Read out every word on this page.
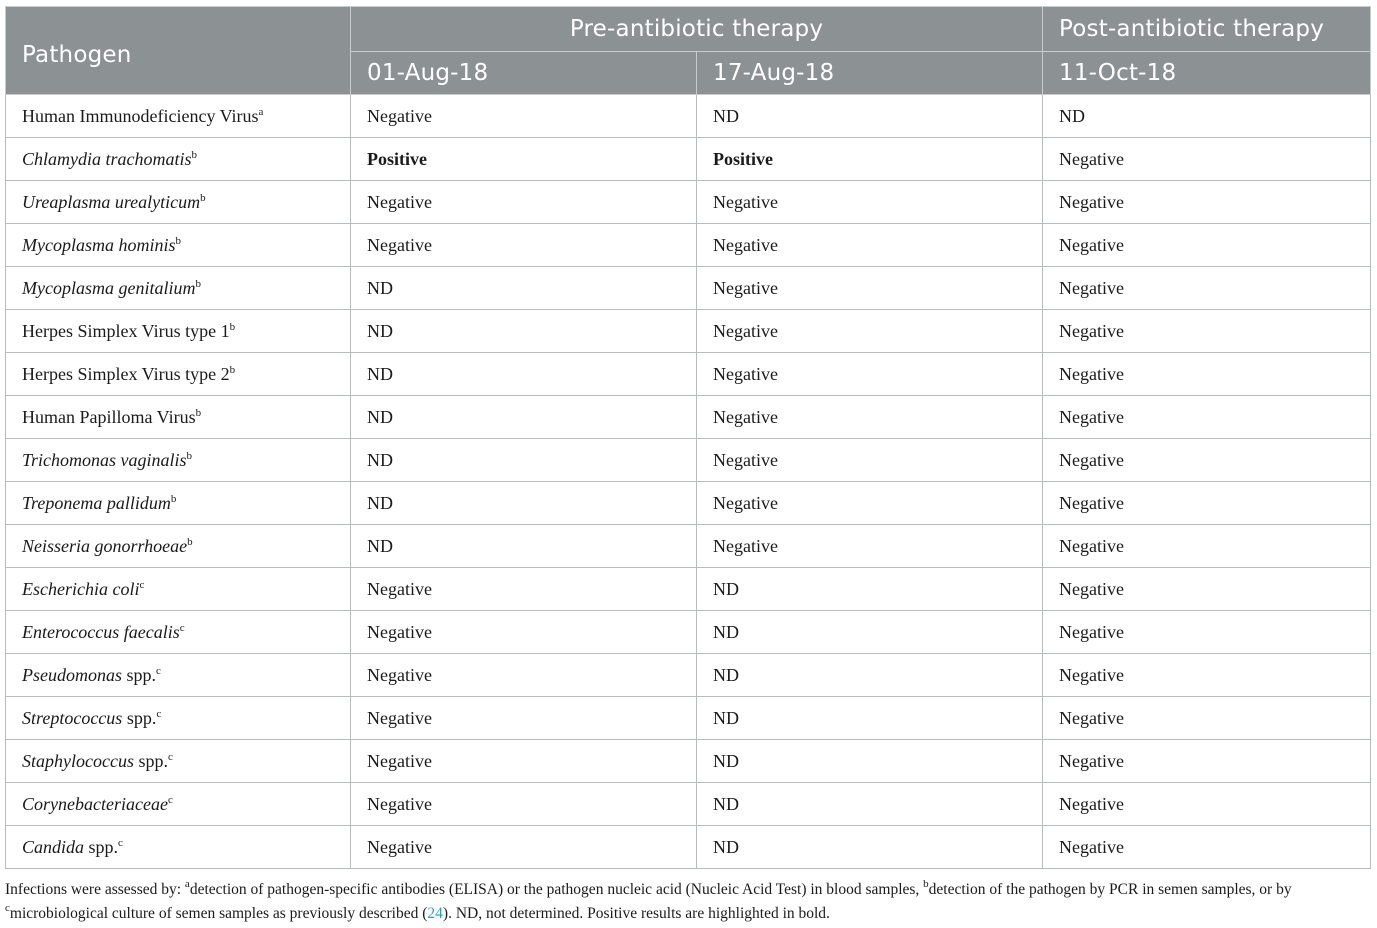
Pathogen	Pre-antibiotic therapy		Post-antibiotic therapy
	01-Aug-18	17-Aug-18	11-Oct-18
Human Immunodeficiency Virus$^a$	Negative	ND	ND
Chlamydia trachomatis$^b$	Positive	Positive	Negative
Ureaplasma urealyticum$^b$	Negative	Negative	Negative
Mycoplasma hominis$^b$	Negative	Negative	Negative
Mycoplasma genitalium$^b$	ND	Negative	Negative
Herpes Simplex Virus type 1$^b$	ND	Negative	Negative
Herpes Simplex Virus type 2$^b$	ND	Negative	Negative
Human Papilloma Virus$^b$	ND	Negative	Negative
Trichomonas vaginalis$^b$	ND	Negative	Negative
Treponema pallidum$^b$	ND	Negative	Negative
Neisseria gonorrhoeae$^b$	ND	Negative	Negative
Escherichia coli$^c$	Negative	ND	Negative
Enterococcus faecalis$^c$	Negative	ND	Negative
Pseudomonas spp.$^c$	Negative	ND	Negative
Streptococcus spp.$^c$	Negative	ND	Negative
Staphylococcus spp.$^c$	Negative	ND	Negative
Corynebacteriaceae$^c$	Negative	ND	Negative
Candida spp.$^c$	Negative	ND	Negative
Infections were assessed by: $^a$detection of pathogen-specific antibodies (ELISA) or the pathogen nucleic acid (Nucleic Acid Test) in blood samples, $^b$detection of the pathogen by PCR in semen samples, or by $^c$microbiological culture of semen samples as previously described (24). ND, not determined. Positive results are highlighted in bold.
